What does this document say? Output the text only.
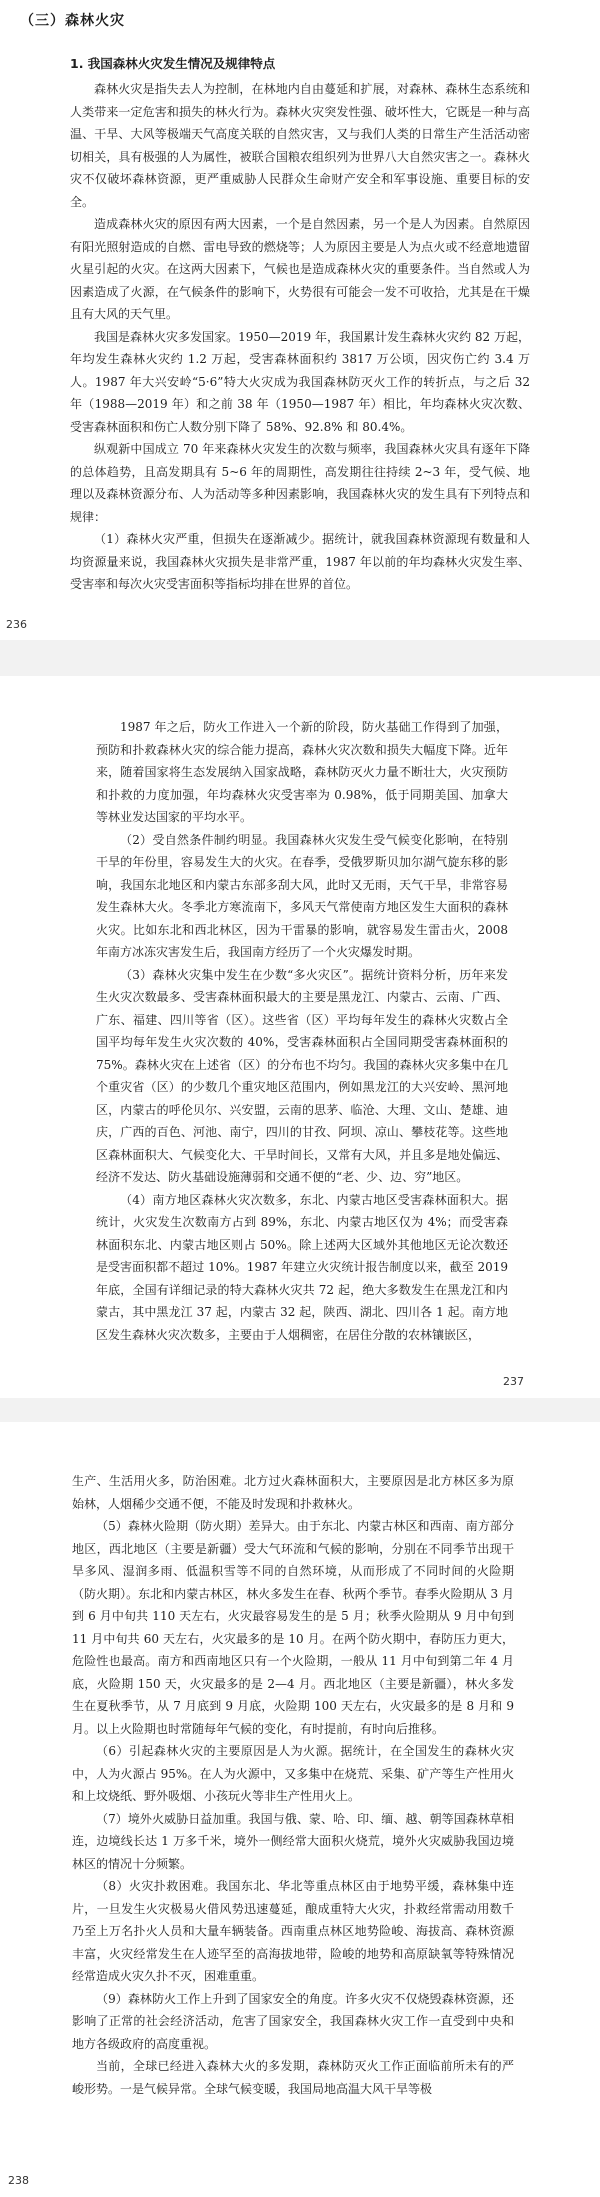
（三）森林火灾
1. 我国森林火灾发生情况及规律特点

森林火灾是指失去人为控制，在林地内自由蔓延和扩展，对森林、森林生态系统和人类带来一定危害和损失的林火行为。森林火灾突发性强、破坏性大，它既是一种与高温、干旱、大风等极端天气高度关联的自然灾害，又与我们人类的日常生产生活活动密切相关，具有极强的人为属性，被联合国粮农组织列为世界八大自然灾害之一。森林火灾不仅破坏森林资源，更严重威胁人民群众生命财产安全和军事设施、重要目标的安全。

造成森林火灾的原因有两大因素，一个是自然因素，另一个是人为因素。自然原因有阳光照射造成的自燃、雷电导致的燃烧等；人为原因主要是人为点火或不经意地遗留火星引起的火灾。在这两大因素下，气候也是造成森林火灾的重要条件。当自然或人为因素造成了火源，在气候条件的影响下，火势很有可能会一发不可收拾，尤其是在干燥且有大风的天气里。

我国是森林火灾多发国家。1950—2019 年，我国累计发生森林火灾约 82 万起，年均发生森林火灾约 1.2 万起，受害森林面积约 3817 万公顷，因灾伤亡约 3.4 万人。1987 年大兴安岭“5·6”特大火灾成为我国森林防灭火工作的转折点，与之后 32 年（1988—2019 年）和之前 38 年（1950—1987 年）相比，年均森林火灾次数、受害森林面积和伤亡人数分别下降了 58%、92.8% 和 80.4%。

纵观新中国成立 70 年来森林火灾发生的次数与频率，我国森林火灾具有逐年下降的总体趋势，且高发期具有 5~6 年的周期性，高发期往往持续 2~3 年，受气候、地理以及森林资源分布、人为活动等多种因素影响，我国森林火灾的发生具有下列特点和规律：

（1）森林火灾严重，但损失在逐渐减少。据统计，就我国森林资源现有数量和人均资源量来说，我国森林火灾损失是非常严重，1987 年以前的年均森林火灾发生率、受害率和每次火灾受害面积等指标均排在世界的首位。

236

1987 年之后，防火工作进入一个新的阶段，防火基础工作得到了加强，预防和扑救森林火灾的综合能力提高，森林火灾次数和损失大幅度下降。近年来，随着国家将生态发展纳入国家战略，森林防灭火力量不断壮大，火灾预防和扑救的力度加强，年均森林火灾受害率为 0.98%，低于同期美国、加拿大等林业发达国家的平均水平。

（2）受自然条件制约明显。我国森林火灾发生受气候变化影响，在特别干旱的年份里，容易发生大的火灾。在春季，受俄罗斯贝加尔湖气旋东移的影响，我国东北地区和内蒙古东部多刮大风，此时又无雨，天气干旱，非常容易发生森林大火。冬季北方寒流南下，多风天气常使南方地区发生大面积的森林火灾。比如东北和西北林区，因为干雷暴的影响，就容易发生雷击火，2008 年南方冰冻灾害发生后，我国南方经历了一个火灾爆发时期。

（3）森林火灾集中发生在少数“多火灾区”。据统计资料分析，历年来发生火灾次数最多、受害森林面积最大的主要是黑龙江、内蒙古、云南、广西、广东、福建、四川等省（区）。这些省（区）平均每年发生的森林火灾数占全国平均每年发生火灾次数的 40%，受害森林面积占全国同期受害森林面积的 75%。森林火灾在上述省（区）的分布也不均匀。我国的森林火灾多集中在几个重灾省（区）的少数几个重灾地区范围内，例如黑龙江的大兴安岭、黑河地区，内蒙古的呼伦贝尔、兴安盟，云南的思茅、临沧、大理、文山、楚雄、迪庆，广西的百色、河池、南宁，四川的甘孜、阿坝、凉山、攀枝花等。这些地区森林面积大、气候变化大、干旱时间长，又常有大风，并且多是地处偏远、经济不发达、防火基础设施薄弱和交通不便的“老、少、边、穷”地区。

（4）南方地区森林火灾次数多，东北、内蒙古地区受害森林面积大。据统计，火灾发生次数南方占到 89%，东北、内蒙古地区仅为 4%；而受害森林面积东北、内蒙古地区则占 50%。除上述两大区域外其他地区无论次数还是受害面积都不超过 10%。1987 年建立火灾统计报告制度以来，截至 2019 年底，全国有详细记录的特大森林火灾共 72 起，绝大多数发生在黑龙江和内蒙古，其中黑龙江 37 起，内蒙古 32 起，陕西、湖北、四川各 1 起。南方地区发生森林火灾次数多，主要由于人烟稠密，在居住分散的农林镶嵌区，

237

生产、生活用火多，防治困难。北方过火森林面积大，主要原因是北方林区多为原始林，人烟稀少交通不便，不能及时发现和扑救林火。

（5）森林火险期（防火期）差异大。由于东北、内蒙古林区和西南、南方部分地区，西北地区（主要是新疆）受大气环流和气候的影响，分别在不同季节出现干旱多风、湿润多雨、低温积雪等不同的自然环境，从而形成了不同时间的火险期（防火期）。东北和内蒙古林区，林火多发生在春、秋两个季节。春季火险期从 3 月到 6 月中旬共 110 天左右，火灾最容易发生的是 5 月；秋季火险期从 9 月中旬到 11 月中旬共 60 天左右，火灾最多的是 10 月。在两个防火期中，春防压力更大，危险性也最高。南方和西南地区只有一个火险期，一般从 11 月中旬到第二年 4 月底，火险期 150 天，火灾最多的是 2—4 月。西北地区（主要是新疆），林火多发生在夏秋季节，从 7 月底到 9 月底，火险期 100 天左右，火灾最多的是 8 月和 9 月。以上火险期也时常随每年气候的变化，有时提前，有时向后推移。

（6）引起森林火灾的主要原因是人为火源。据统计，在全国发生的森林火灾中，人为火源占 95%。在人为火源中，又多集中在烧荒、采集、矿产等生产性用火和上坟烧纸、野外吸烟、小孩玩火等非生产性用火上。

（7）境外火威胁日益加重。我国与俄、蒙、哈、印、缅、越、朝等国森林草相连，边境线长达 1 万多千米，境外一侧经常大面积火烧荒，境外火灾威胁我国边境林区的情况十分频繁。

（8）火灾扑救困难。我国东北、华北等重点林区由于地势平缓，森林集中连片，一旦发生火灾极易火借风势迅速蔓延，酿成重特大火灾，扑救经常需动用数千乃至上万名扑火人员和大量车辆装备。西南重点林区地势险峻、海拔高、森林资源丰富，火灾经常发生在人迹罕至的高海拔地带，险峻的地势和高原缺氧等特殊情况经常造成火灾久扑不灭，困难重重。

（9）森林防火工作上升到了国家安全的角度。许多火灾不仅烧毁森林资源，还影响了正常的社会经济活动，危害了国家安全，我国森林火灾工作一直受到中央和地方各级政府的高度重视。

当前，全球已经进入森林大火的多发期，森林防灭火工作正面临前所未有的严峻形势。一是气候异常。全球气候变暖，我国局地高温大风干旱等极

238
